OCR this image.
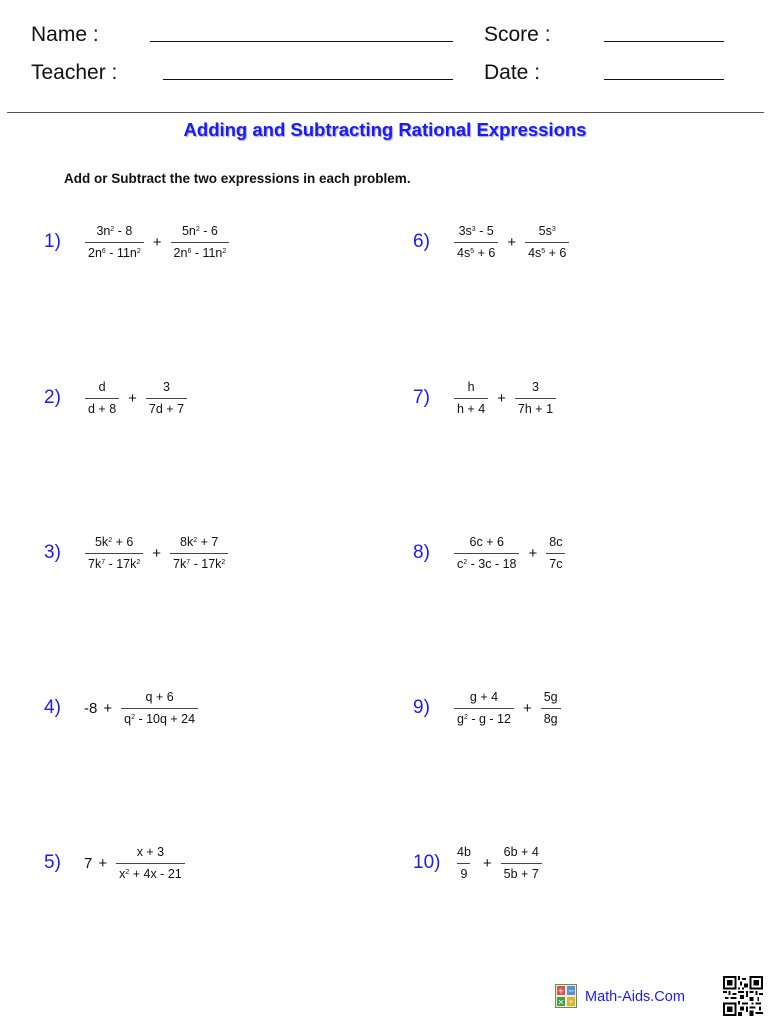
Name :	Score :
Teacher :	Date :
Adding and Subtracting Rational Expressions
Add or Subtract the two expressions in each problem.
$1) \frac{3n^2 - 8}{2n^6 - 11n^2} + \frac{5n^2 - 6}{2n^6 - 11n^2}$
$2) \frac{d}{d + 8} + \frac{3}{7d + 7}$
$3) \frac{5k^2 + 6}{7k^7 - 17k^2} + \frac{8k^2 + 7}{7k^7 - 17k^2}$
4) $-8 + \frac{q + 6}{q^2 - 10q + 24}$
5) $7 + \frac{x + 3}{x^2 + 4x - 21}$
$6) \frac{3s^3 - 5}{4s^5 + 6} + \frac{5s^3}{4s^5 + 6}$
$7) \frac{h}{h + 4} + \frac{3}{7h + 1}$
$8) \frac{6c + 6}{c^2 - 3c - 18} + \frac{8c}{7c}$
$9) \frac{g + 4}{g^2 - g - 12} + \frac{5g}{8g}$
$10) \frac{4b}{9} + \frac{6b + 4}{5b + 7}$
+ −
× ÷ Math-Aids.Com
